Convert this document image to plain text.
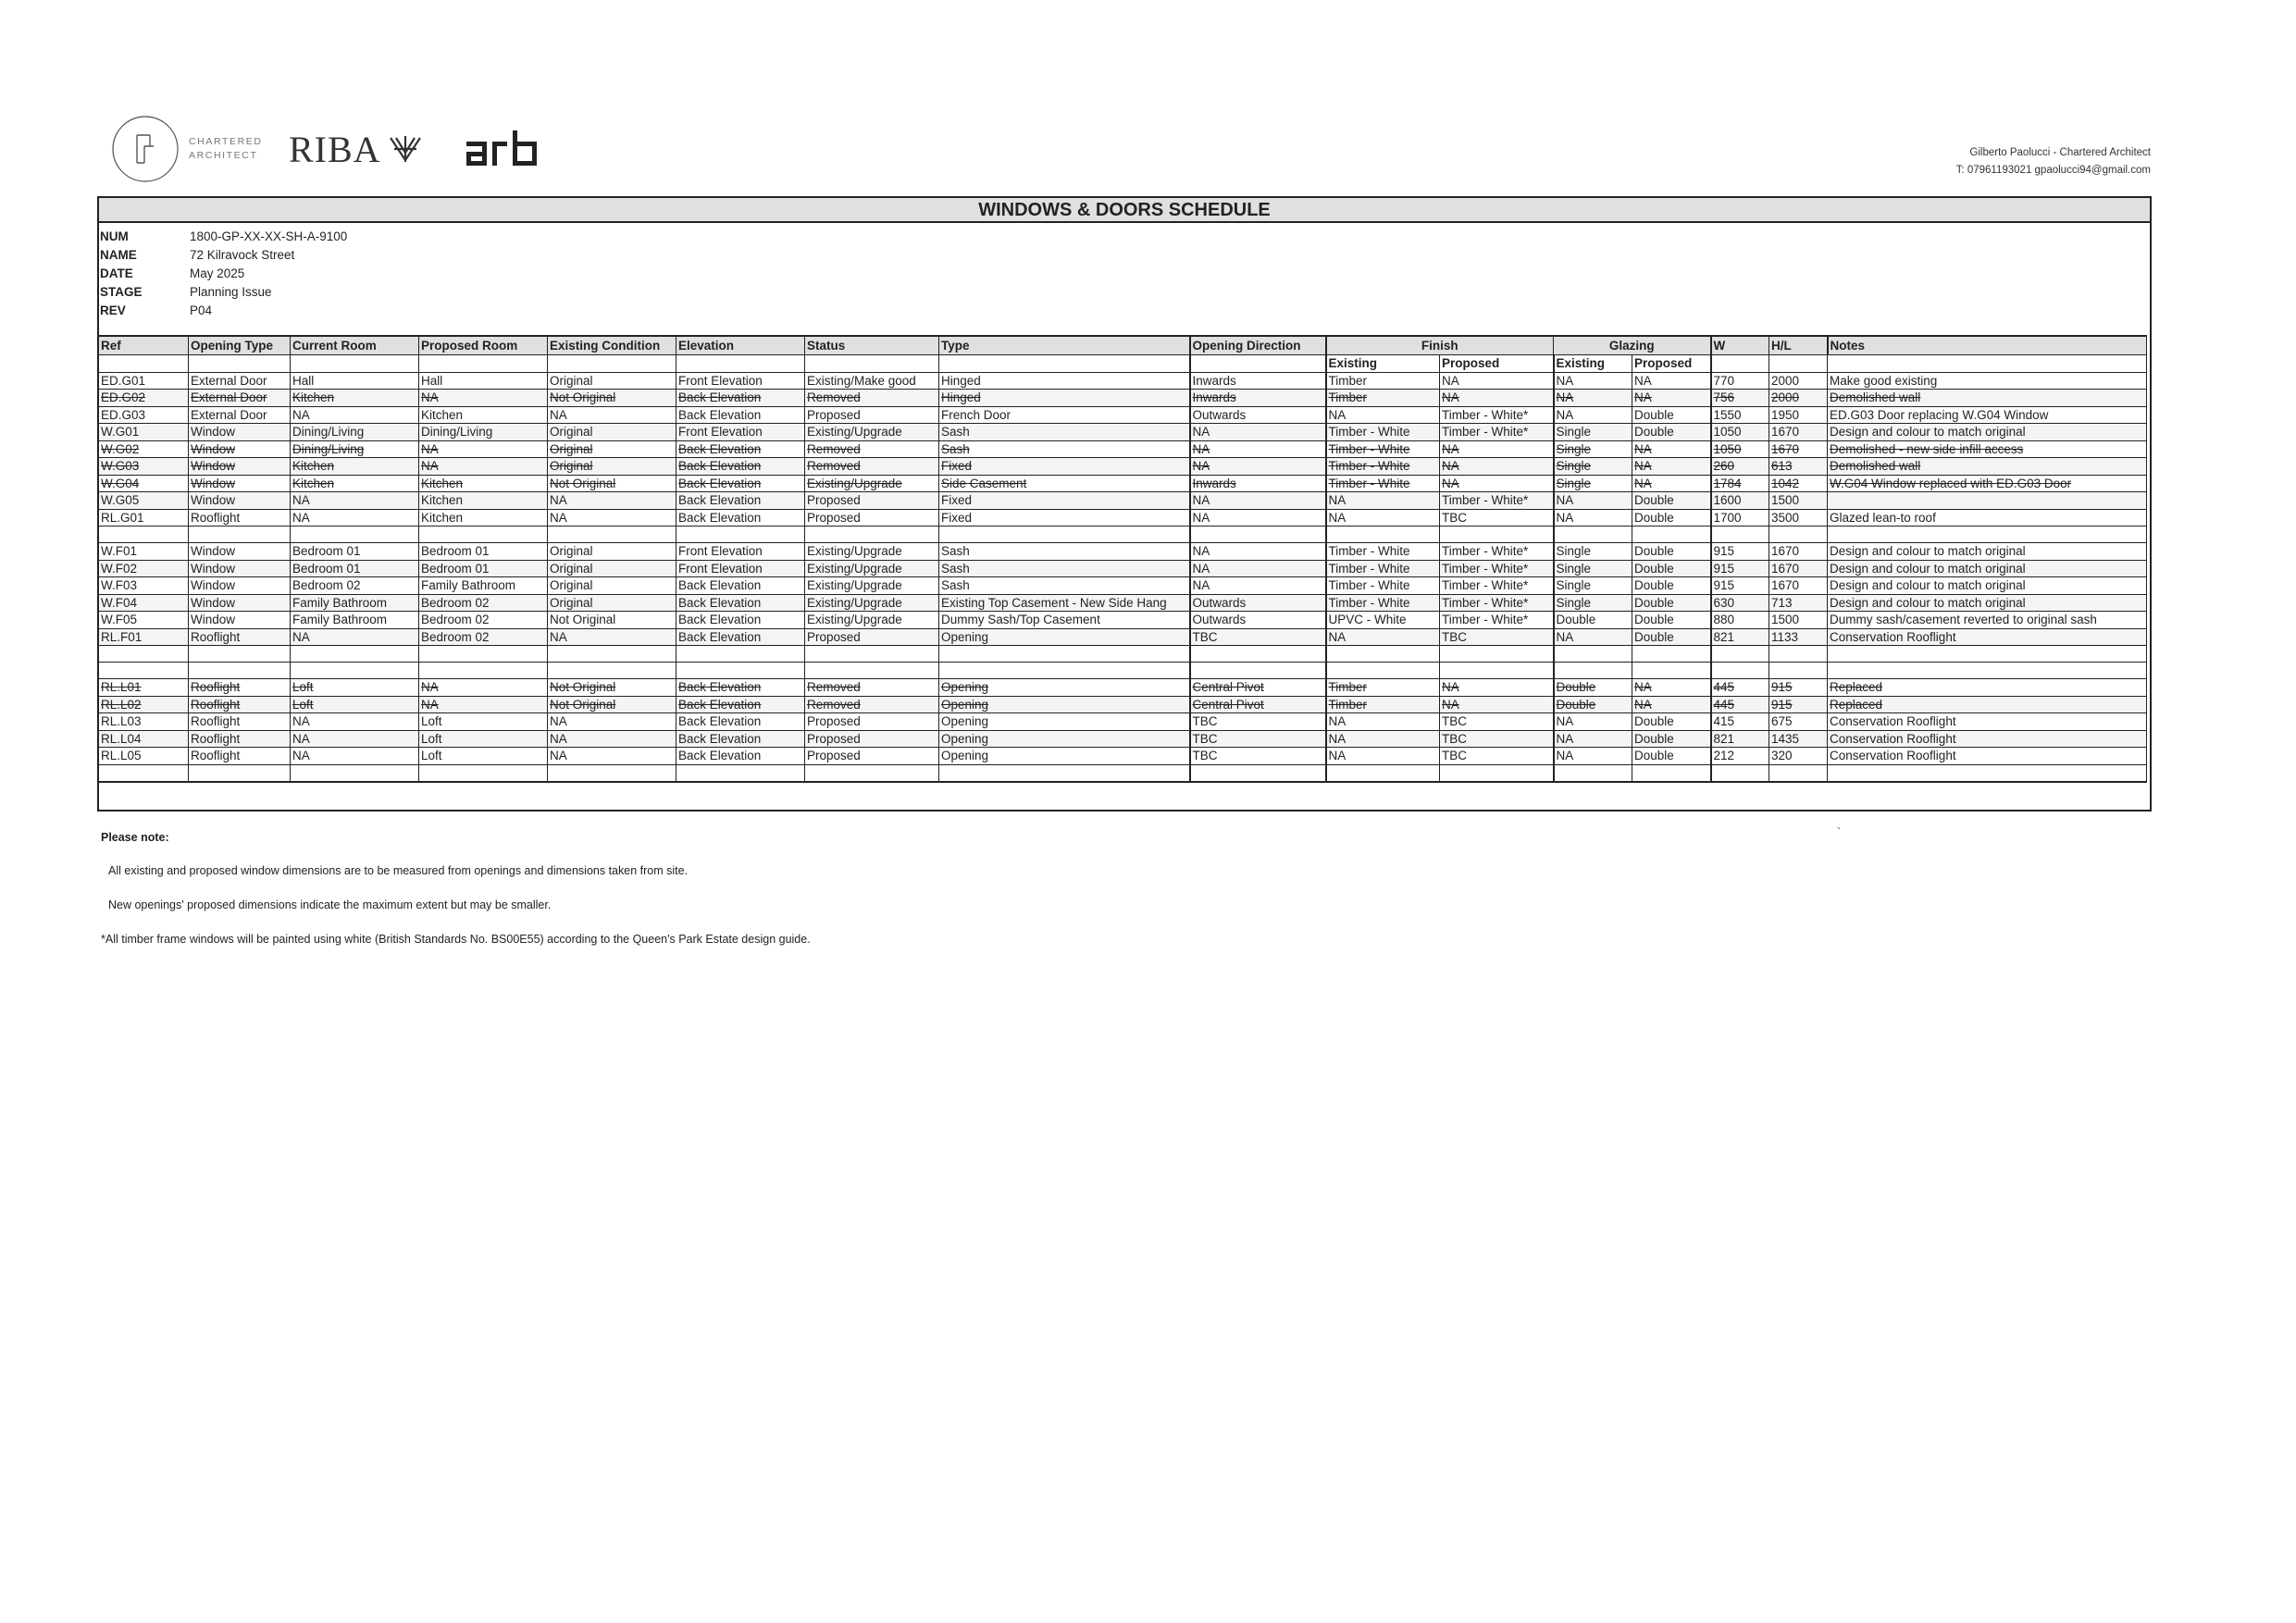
CHARTERED
ARCHITECT RIBA	Gilberto Paolucci - Chartered Architect
T: 07961193021 gpaolucci94@gmail.com
WINDOWS & DOORS SCHEDULE
NUM	1800-GP-XX-XX-SH-A-9100
NAME	72 Kilravock Street
DATE	May 2025
STAGE	Planning Issue
REV	P04
Ref	Opening Type	Current Room	Proposed Room	Existing Condition	Elevation	Status	Type	Opening Direction	Finish		Glazing		W	H/L	Notes
									Existing	Proposed	Existing	Proposed			
ED.G01	External Door	Hall	Hall	Original	Front Elevation	Existing/Make good	Hinged	Inwards	Timber	NA	NA	NA	770	2000	Make good existing
ED.G02	External Door	Kitchen	NA	Not Original	Back Elevation	Removed	Hinged	Inwards	Timber	NA	NA	NA	756	2000	Demolished wall
ED.G03	External Door	NA	Kitchen	NA	Back Elevation	Proposed	French Door	Outwards	NA	Timber - White*	NA	Double	1550	1950	ED.G03 Door replacing W.G04 Window
W.G01	Window	Dining/Living	Dining/Living	Original	Front Elevation	Existing/Upgrade	Sash	NA	Timber - White	Timber - White*	Single	Double	1050	1670	Design and colour to match original
W.G02	Window	Dining/Living	NA	Original	Back Elevation	Removed	Sash	NA	Timber - White	NA	Single	NA	1050	1670	Demolished - new side infill access
W.G03	Window	Kitchen	NA	Original	Back Elevation	Removed	Fixed	NA	Timber - White	NA	Single	NA	260	613	Demolished wall
W.G04	Window	Kitchen	Kitchen	Not Original	Back Elevation	Existing/Upgrade	Side Casement	Inwards	Timber - White	NA	Single	NA	1784	1042	W.G04 Window replaced with ED.G03 Door
W.G05	Window	NA	Kitchen	NA	Back Elevation	Proposed	Fixed	NA	NA	Timber - White*	NA	Double	1600	1500	
RL.G01	Rooflight	NA	Kitchen	NA	Back Elevation	Proposed	Fixed	NA	NA	TBC	NA	Double	1700	3500	Glazed lean-to roof

W.F01	Window	Bedroom 01	Bedroom 01	Original	Front Elevation	Existing/Upgrade	Sash	NA	Timber - White	Timber - White*	Single	Double	915	1670	Design and colour to match original
W.F02	Window	Bedroom 01	Bedroom 01	Original	Front Elevation	Existing/Upgrade	Sash	NA	Timber - White	Timber - White*	Single	Double	915	1670	Design and colour to match original
W.F03	Window	Bedroom 02	Family Bathroom	Original	Back Elevation	Existing/Upgrade	Sash	NA	Timber - White	Timber - White*	Single	Double	915	1670	Design and colour to match original
W.F04	Window	Family Bathroom	Bedroom 02	Original	Back Elevation	Existing/Upgrade	Existing Top Casement - New Side Hang	Outwards	Timber - White	Timber - White*	Single	Double	630	713	Design and colour to match original
W.F05	Window	Family Bathroom	Bedroom 02	Not Original	Back Elevation	Existing/Upgrade	Dummy Sash/Top Casement	Outwards	UPVC - White	Timber - White*	Double	Double	880	1500	Dummy sash/casement reverted to original sash
RL.F01	Rooflight	NA	Bedroom 02	NA	Back Elevation	Proposed	Opening	TBC	NA	TBC	NA	Double	821	1133	Conservation Rooflight

RL.L01	Rooflight	Loft	NA	Not Original	Back Elevation	Removed	Opening	Central Pivot	Timber	NA	Double	NA	445	915	Replaced
RL.L02	Rooflight	Loft	NA	Not Original	Back Elevation	Removed	Opening	Central Pivot	Timber	NA	Double	NA	445	915	Replaced
RL.L03	Rooflight	NA	Loft	NA	Back Elevation	Proposed	Opening	TBC	NA	TBC	NA	Double	415	675	Conservation Rooflight
RL.L04	Rooflight	NA	Loft	NA	Back Elevation	Proposed	Opening	TBC	NA	TBC	NA	Double	821	1435	Conservation Rooflight
RL.L05	Rooflight	NA	Loft	NA	Back Elevation	Proposed	Opening	TBC	NA	TBC	NA	Double	212	320	Conservation Rooflight

`
Please note:
All existing and proposed window dimensions are to be measured from openings and dimensions taken from site.
New openings' proposed dimensions indicate the maximum extent but may be smaller.
*All timber frame windows will be painted using white (British Standards No. BS00E55) according to the Queen's Park Estate design guide.
